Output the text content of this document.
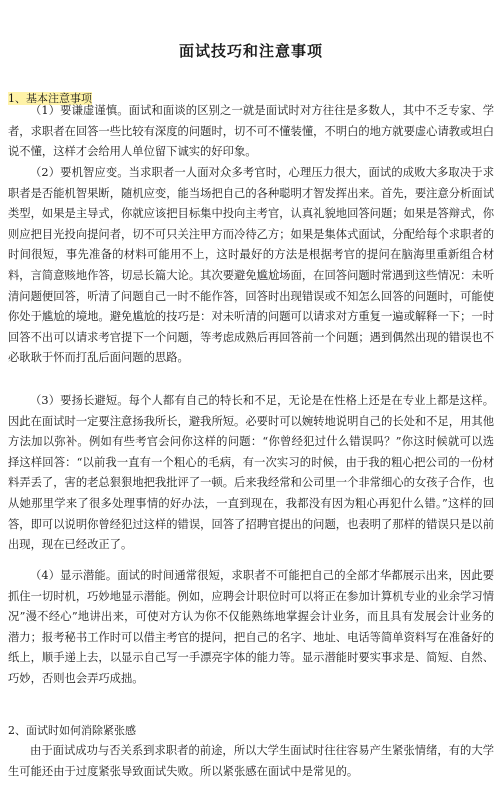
面试技巧和注意事项
1、基本注意事项
（1）要谦虚谨慎。面试和面谈的区别之一就是面试时对方往往是多数人，其中不乏专家、学者，求职者在回答一些比较有深度的问题时，切不可不懂装懂，不明白的地方就要虚心请教或坦白说不懂，这样才会给用人单位留下诚实的好印象。
（2）要机智应变。当求职者一人面对众多考官时，心理压力很大，面试的成败大多取决于求职者是否能机智果断，随机应变，能当场把自己的各种聪明才智发挥出来。首先，要注意分析面试类型，如果是主导式，你就应该把目标集中投向主考官，认真礼貌地回答问题；如果是答辩式，你则应把目光投向提问者，切不可只关注甲方而冷待乙方；如果是集体式面试，分配给每个求职者的时间很短，事先准备的材料可能用不上，这时最好的方法是根据考官的提问在脑海里重新组合材料，言简意赅地作答，切忌长篇大论。其次要避免尴尬场面，在回答问题时常遇到这些情况：未听清问题便回答，听清了问题自己一时不能作答，回答时出现错误或不知怎么回答的问题时，可能使你处于尴尬的境地。避免尴尬的技巧是：对未听清的问题可以请求对方重复一遍或解释一下；一时回答不出可以请求考官提下一个问题，等考虑成熟后再回答前一个问题；遇到偶然出现的错误也不必耿耿于怀而打乱后面问题的思路。
（3）要扬长避短。每个人都有自己的特长和不足，无论是在性格上还是在专业上都是这样。因此在面试时一定要注意扬我所长，避我所短。必要时可以婉转地说明自己的长处和不足，用其他方法加以弥补。例如有些考官会问你这样的问题：“你曾经犯过什么错误吗？”你这时候就可以选择这样回答：“以前我一直有一个粗心的毛病，有一次实习的时候，由于我的粗心把公司的一份材料弄丢了，害的老总狠狠地把我批评了一顿。后来我经常和公司里一个非常细心的女孩子合作，也从她那里学来了很多处理事情的好办法，一直到现在，我都没有因为粗心再犯什么错。”这样的回答，即可以说明你曾经犯过这样的错误，回答了招聘官提出的问题，也表明了那样的错误只是以前出现，现在已经改正了。
（4）显示潜能。面试的时间通常很短，求职者不可能把自己的全部才华都展示出来，因此要抓住一切时机，巧妙地显示潜能。例如，应聘会计职位时可以将正在参加计算机专业的业余学习情况”漫不经心”地讲出来，可使对方认为你不仅能熟练地掌握会计业务，而且具有发展会计业务的潜力；报考秘书工作时可以借主考官的提问，把自己的名字、地址、电话等简单资料写在准备好的纸上，顺手递上去，以显示自己写一手漂亮字体的能力等。显示潜能时要实事求是、简短、自然、巧妙，否则也会弄巧成拙。
2、面试时如何消除紧张感
由于面试成功与否关系到求职者的前途，所以大学生面试时往往容易产生紧张情绪，有的大学生可能还由于过度紧张导致面试失败。所以紧张感在面试中是常见的。
